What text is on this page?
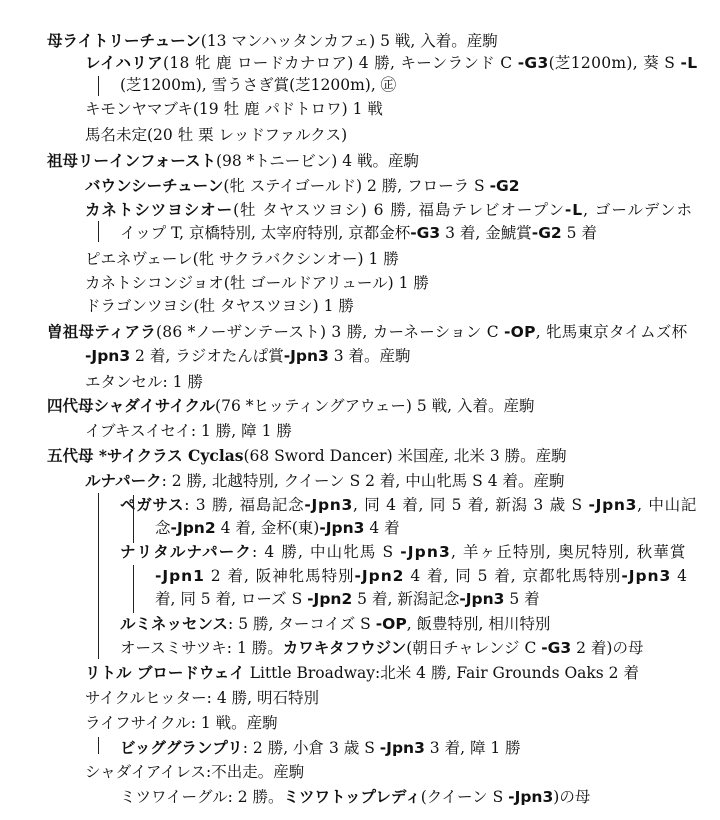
母ライトリーチューン(13 マンハッタンカフェ) 5 戦, 入着。産駒
レイハリア(18 牝 鹿 ロードカナロア) 4 勝, キーンランド C -G3(芝1200m), 葵 S -L
(芝1200m), 雪うさぎ賞(芝1200m), ㊣
キモンヤマブキ(19 牡 鹿 パドトロワ) 1 戦
馬名未定(20 牡 栗 レッドファルクス)
祖母リーインフォースト(98 *トニービン) 4 戦。産駒
バウンシーチューン(牝 ステイゴールド) 2 勝, フローラ S -G2
カネトシツヨシオー(牡 タヤスツヨシ) 6 勝, 福島テレビオープン-L, ゴールデンホ
イップ T, 京橋特別, 太宰府特別, 京都金杯-G3 3 着, 金鯱賞-G2 5 着
ピエネヴェーレ(牝 サクラバクシンオー) 1 勝
カネトシコンジョオ(牡 ゴールドアリュール) 1 勝
ドラゴンツヨシ(牡 タヤスツヨシ) 1 勝
曽祖母ティアラ(86 *ノーザンテースト) 3 勝, カーネーション C -OP, 牝馬東京タイムズ杯
-Jpn3 2 着, ラジオたんぱ賞-Jpn3 3 着。産駒
エタンセル: 1 勝
四代母シャダイサイクル(76 *ヒッティングアウェー) 5 戦, 入着。産駒
イブキスイセイ: 1 勝, 障 1 勝
五代母 *サイクラス Cyclas(68 Sword Dancer) 米国産, 北米 3 勝。産駒
ルナパーク: 2 勝, 北越特別, クイーン S 2 着, 中山牝馬 S 4 着。産駒
ペガサス: 3 勝, 福島記念-Jpn3, 同 4 着, 同 5 着, 新潟 3 歳 S -Jpn3, 中山記
念-Jpn2 4 着, 金杯(東)-Jpn3 4 着
ナリタルナパーク: 4 勝, 中山牝馬 S -Jpn3, 羊ヶ丘特別, 奥尻特別, 秋華賞
-Jpn1 2 着, 阪神牝馬特別-Jpn2 4 着, 同 5 着, 京都牝馬特別-Jpn3 4
着, 同 5 着, ローズ S -Jpn2 5 着, 新潟記念-Jpn3 5 着
ルミネッセンス: 5 勝, ターコイズ S -OP, 飯豊特別, 相川特別
オースミサツキ: 1 勝。カワキタフウジン(朝日チャレンジ C -G3 2 着)の母
リトル ブロードウェイ Little Broadway:北米 4 勝, Fair Grounds Oaks 2 着
サイクルヒッター: 4 勝, 明石特別
ライフサイクル: 1 戦。産駒
ビッググランプリ: 2 勝, 小倉 3 歳 S -Jpn3 3 着, 障 1 勝
シャダイアイレス:不出走。産駒
ミツワイーグル: 2 勝。ミツワトップレディ(クイーン S -Jpn3)の母
